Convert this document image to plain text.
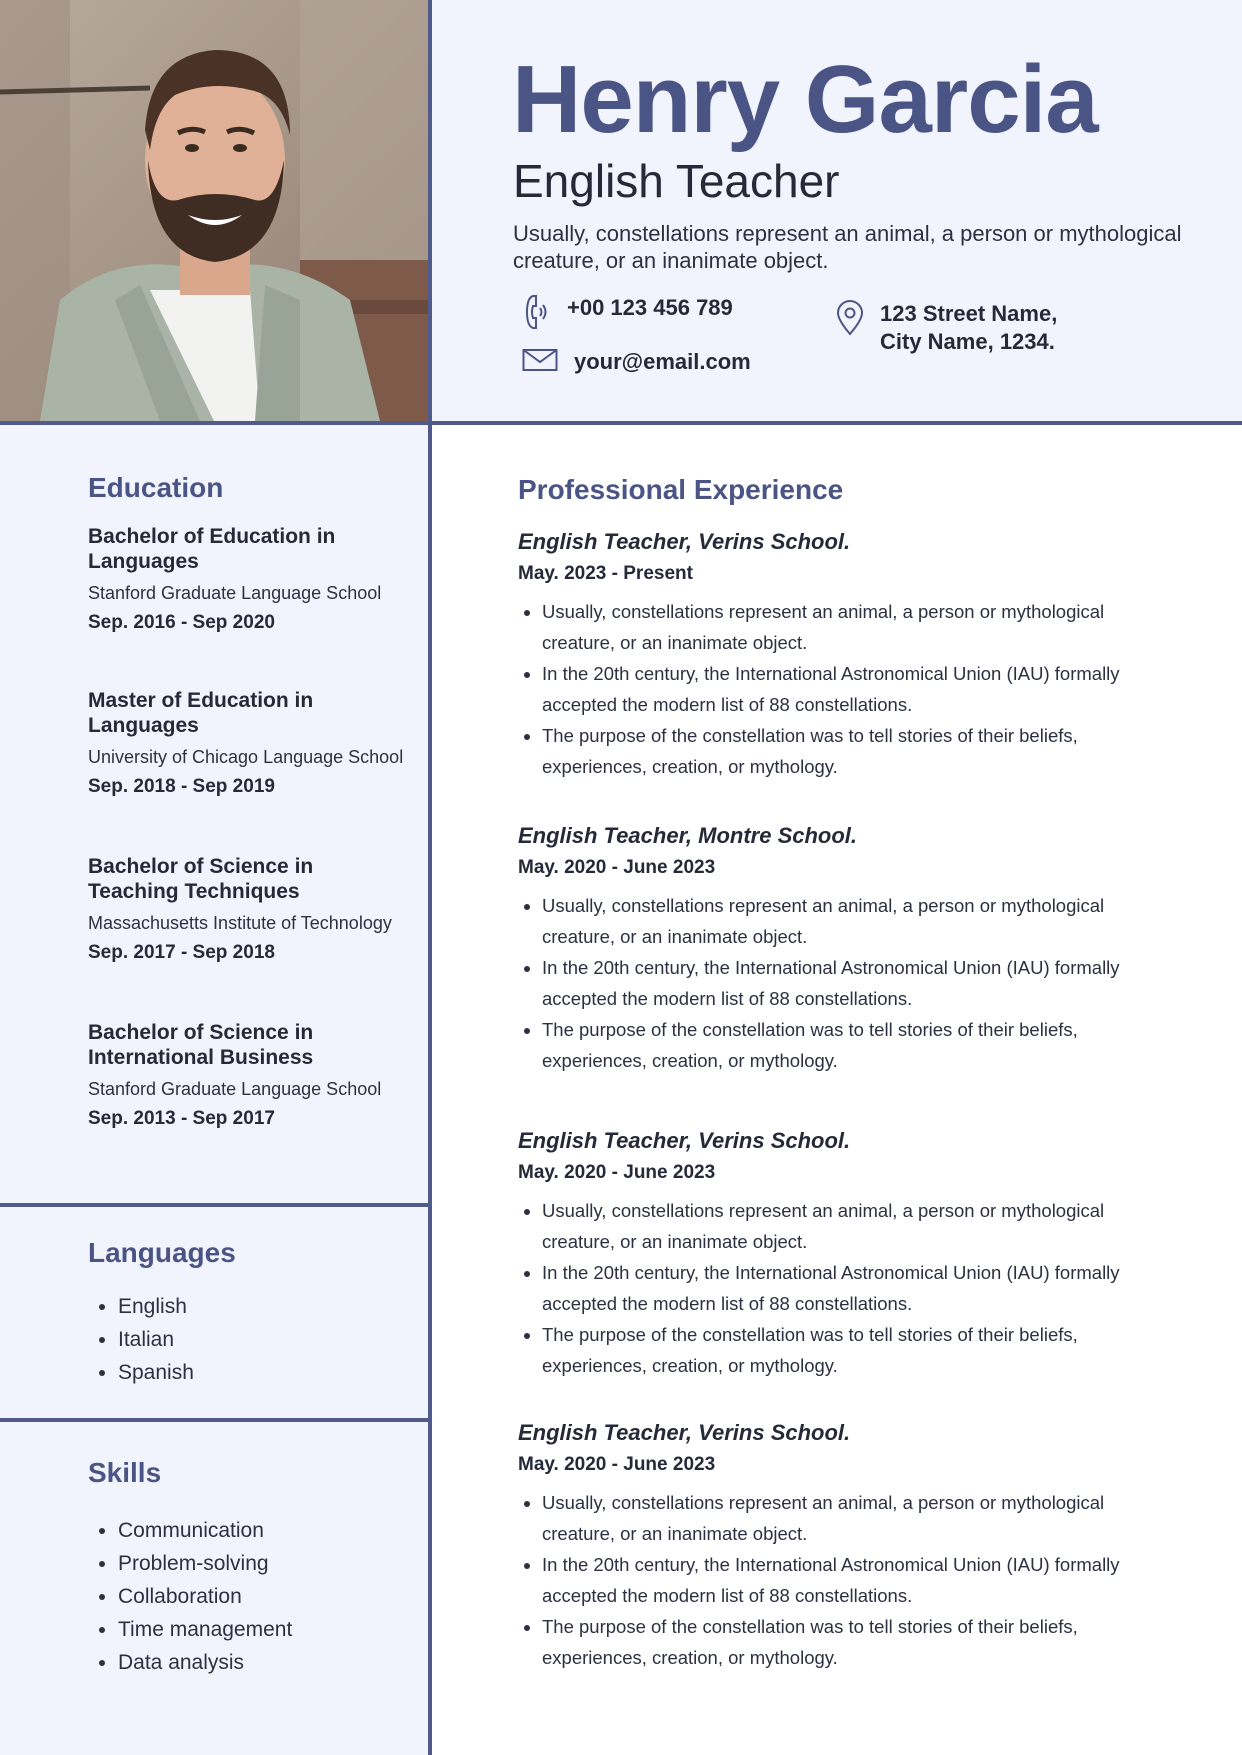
Henry Garcia
English Teacher

Usually, constellations represent an animal, a person or mythological creature, or an inanimate object.

+00 123 456 789
your@email.com
123 Street Name,
City Name, 1234.
Education

Bachelor of Education in Languages

Stanford Graduate Language School

Sep. 2016 - Sep 2020

Master of Education in Languages

University of Chicago Language School

Sep. 2018 - Sep 2019

Bachelor of Science in Teaching Techniques

Massachusetts Institute of Technology

Sep. 2017 - Sep 2018

Bachelor of Science in International Business

Stanford Graduate Language School

Sep. 2013 - Sep 2017

Languages
• English
• Italian
• Spanish
Skills
• Communication
• Problem-solving
• Collaboration
• Time management
• Data analysis
Professional Experience

English Teacher, Verins School.

May. 2023 - Present

• Usually, constellations represent an animal, a person or mythological creature, or an inanimate object.
• In the 20th century, the International Astronomical Union (IAU) formally accepted the modern list of 88 constellations.
• The purpose of the constellation was to tell stories of their beliefs, experiences, creation, or mythology.

English Teacher, Montre School.

May. 2020 - June 2023

• Usually, constellations represent an animal, a person or mythological creature, or an inanimate object.
• In the 20th century, the International Astronomical Union (IAU) formally accepted the modern list of 88 constellations.
• The purpose of the constellation was to tell stories of their beliefs, experiences, creation, or mythology.

English Teacher, Verins School.

May. 2020 - June 2023

• Usually, constellations represent an animal, a person or mythological creature, or an inanimate object.
• In the 20th century, the International Astronomical Union (IAU) formally accepted the modern list of 88 constellations.
• The purpose of the constellation was to tell stories of their beliefs, experiences, creation, or mythology.

English Teacher, Verins School.

May. 2020 - June 2023

• Usually, constellations represent an animal, a person or mythological creature, or an inanimate object.
• In the 20th century, the International Astronomical Union (IAU) formally accepted the modern list of 88 constellations.
• The purpose of the constellation was to tell stories of their beliefs, experiences, creation, or mythology.
